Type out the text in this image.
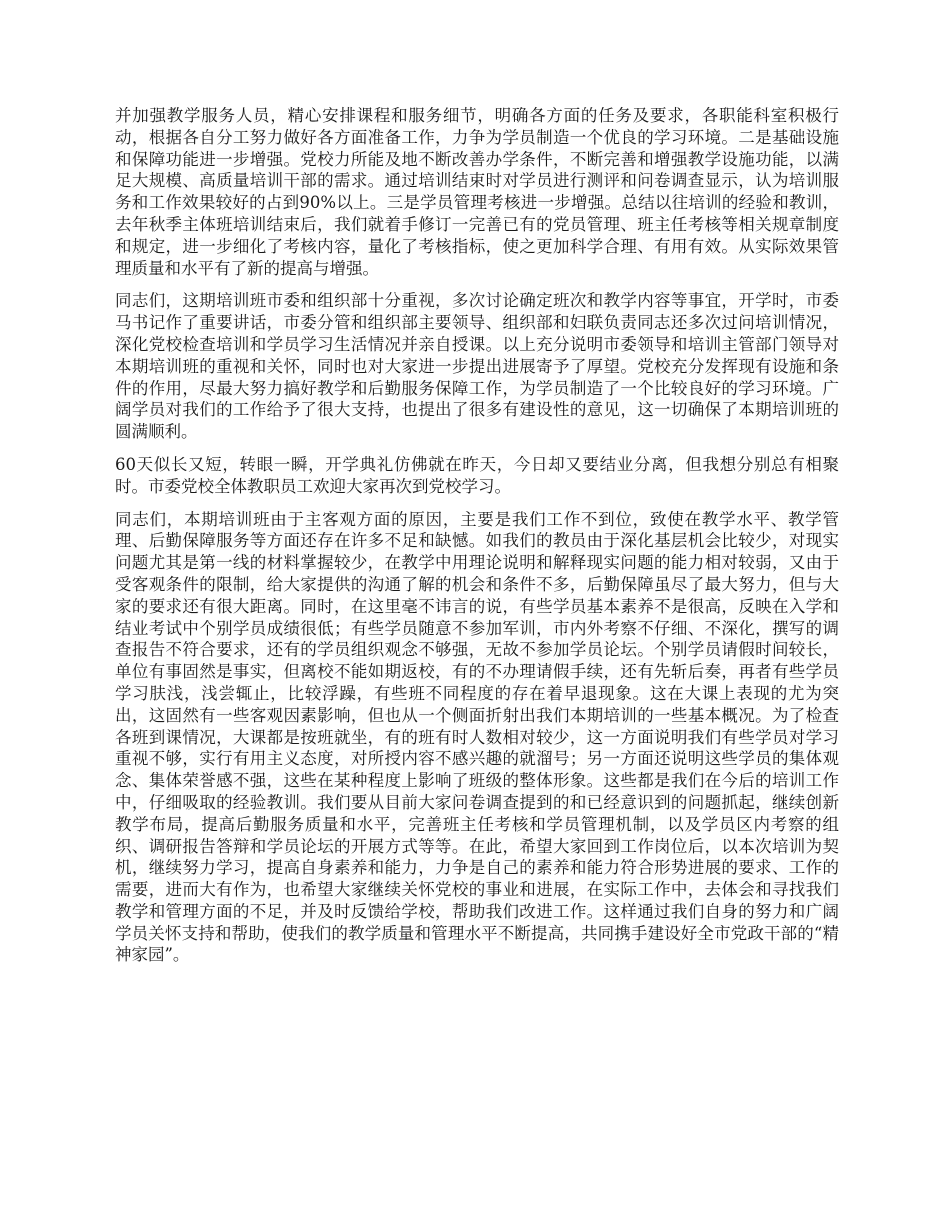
并加强教学服务人员，精心安排课程和服务细节，明确各方面的任务及要求，各职能科室积极行动，根据各自分工努力做好各方面准备工作，力争为学员制造一个优良的学习环境。二是基础设施和保障功能进一步增强。党校力所能及地不断改善办学条件，不断完善和增强教学设施功能，以满足大规模、高质量培训干部的需求。通过培训结束时对学员进行测评和问卷调查显示，认为培训服务和工作效果较好的占到90%以上。三是学员管理考核进一步增强。总结以往培训的经验和教训，去年秋季主体班培训结束后，我们就着手修订一完善已有的党员管理、班主任考核等相关规章制度和规定，进一步细化了考核内容，量化了考核指标，使之更加科学合理、有用有效。从实际效果管理质量和水平有了新的提高与增强。

同志们，这期培训班市委和组织部十分重视，多次讨论确定班次和教学内容等事宜，开学时，市委马书记作了重要讲话，市委分管和组织部主要领导、组织部和妇联负责同志还多次过问培训情况，深化党校检查培训和学员学习生活情况并亲自授课。以上充分说明市委领导和培训主管部门领导对本期培训班的重视和关怀，同时也对大家进一步提出进展寄予了厚望。党校充分发挥现有设施和条件的作用，尽最大努力搞好教学和后勤服务保障工作，为学员制造了一个比较良好的学习环境。广阔学员对我们的工作给予了很大支持，也提出了很多有建设性的意见，这一切确保了本期培训班的圆满顺利。

60天似长又短，转眼一瞬，开学典礼仿佛就在昨天，今日却又要结业分离，但我想分别总有相聚时。市委党校全体教职员工欢迎大家再次到党校学习。

同志们，本期培训班由于主客观方面的原因，主要是我们工作不到位，致使在教学水平、教学管理、后勤保障服务等方面还存在许多不足和缺憾。如我们的教员由于深化基层机会比较少，对现实问题尤其是第一线的材料掌握较少，在教学中用理论说明和解释现实问题的能力相对较弱，又由于受客观条件的限制，给大家提供的沟通了解的机会和条件不多，后勤保障虽尽了最大努力，但与大家的要求还有很大距离。同时，在这里毫不讳言的说，有些学员基本素养不是很高，反映在入学和结业考试中个别学员成绩很低；有些学员随意不参加军训，市内外考察不仔细、不深化，撰写的调查报告不符合要求，还有的学员组织观念不够强，无故不参加学员论坛。个别学员请假时间较长，单位有事固然是事实，但离校不能如期返校，有的不办理请假手续，还有先斩后奏，再者有些学员学习肤浅，浅尝辄止，比较浮躁，有些班不同程度的存在着早退现象。这在大课上表现的尤为突出，这固然有一些客观因素影响，但也从一个侧面折射出我们本期培训的一些基本概况。为了检查各班到课情况，大课都是按班就坐，有的班有时人数相对较少，这一方面说明我们有些学员对学习重视不够，实行有用主义态度，对所授内容不感兴趣的就溜号；另一方面还说明这些学员的集体观念、集体荣誉感不强，这些在某种程度上影响了班级的整体形象。这些都是我们在今后的培训工作中，仔细吸取的经验教训。我们要从目前大家问卷调查提到的和已经意识到的问题抓起，继续创新教学布局，提高后勤服务质量和水平，完善班主任考核和学员管理机制，以及学员区内考察的组织、调研报告答辩和学员论坛的开展方式等等。在此，希望大家回到工作岗位后，以本次培训为契机，继续努力学习，提高自身素养和能力，力争是自己的素养和能力符合形势进展的要求、工作的需要，进而大有作为，也希望大家继续关怀党校的事业和进展，在实际工作中，去体会和寻找我们教学和管理方面的不足，并及时反馈给学校，帮助我们改进工作。这样通过我们自身的努力和广阔学员关怀支持和帮助，使我们的教学质量和管理水平不断提高，共同携手建设好全市党政干部的“精神家园”。
